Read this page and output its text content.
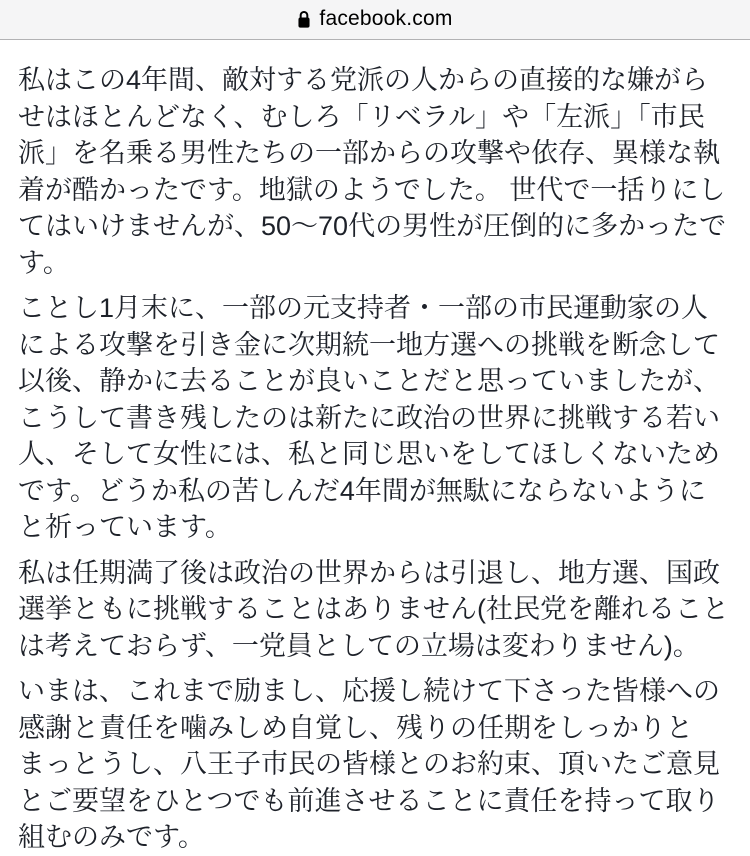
facebook.com

私はこの4年間、敵対する党派の人からの直接的な嫌がらせはほとんどなく、むしろ「リベラル」や「左派」「市民派」を名乗る男性たちの一部からの攻撃や依存、異様な執着が酷かったです。地獄のようでした。 世代で一括りにしてはいけませんが、50〜70代の男性が圧倒的に多かったです。

ことし1月末に、一部の元支持者・一部の市民運動家の人による攻撃を引き金に次期統一地方選への挑戦を断念して以後、静かに去ることが良いことだと思っていましたが、こうして書き残したのは新たに政治の世界に挑戦する若い人、そして女性には、私と同じ思いをしてほしくないためです。どうか私の苦しんだ4年間が無駄にならないようにと祈っています。

私は任期満了後は政治の世界からは引退し、地方選、国政選挙ともに挑戦することはありません(社民党を離れることは考えておらず、一党員としての立場は変わりません)。

いまは、これまで励まし、応援し続けて下さった皆様への感謝と責任を噛みしめ自覚し、残りの任期をしっかりとまっとうし、八王子市民の皆様とのお約束、頂いたご意見とご要望をひとつでも前進させることに責任を持って取り組むのみです。
